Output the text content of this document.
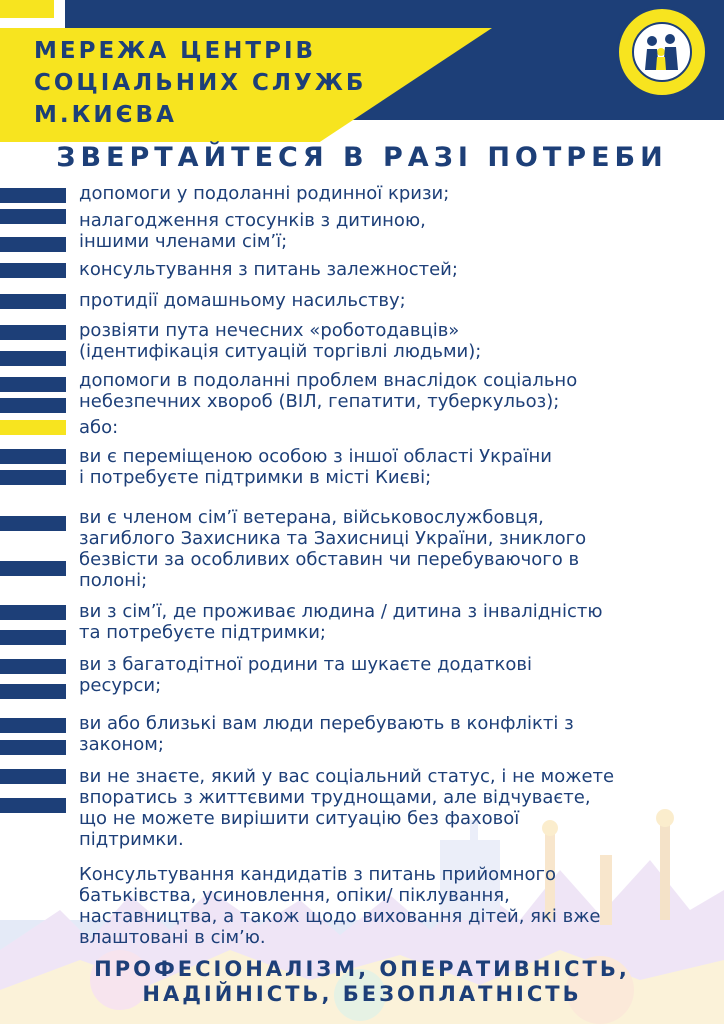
МЕРЕЖА ЦЕНТРІВ
СОЦІАЛЬНИХ СЛУЖБ
М.КИЄВА
ЗВЕРТАЙТЕСЯ В РАЗІ ПОТРЕБИ

допомоги у подоланні родинної кризи;

налагодження стосунків з дитиною,
іншими членами сім’ї;

консультування з питань залежностей;

протидії домашньому насильству;

розвіяти пута нечесних «роботодавців»
(ідентифікація ситуацій торгівлі людьми);

допомоги в подоланні проблем внаслідок соціально
небезпечних хвороб (ВІЛ, гепатити, туберкульоз);

або:

ви є переміщеною особою з іншої області України
і потребуєте підтримки в місті Києві;

ви є членом сім’ї ветерана, військовослужбовця,
загиблого Захисника та Захисниці України, зниклого
безвісти за особливих обставин чи перебуваючого в
полоні;

ви з сім’ї, де проживає людина / дитина з інвалідністю
та потребуєте підтримки;

ви з багатодітної родини та шукаєте додаткові
ресурси;

ви або близькі вам люди перебувають в конфлікті з
законом;

ви не знаєте, який у вас соціальний статус, і не можете
впоратись з життєвими труднощами, але відчуваєте,
що не можете вирішити ситуацію без фахової
підтримки.

Консультування кандидатів з питань прийомного
батьківства, усиновлення, опіки/ піклування,
наставництва, а також щодо виховання дітей, які вже
влаштовані в сім’ю.

ПРОФЕСІОНАЛІЗМ, ОПЕРАТИВНІСТЬ,
НАДІЙНІСТЬ, БЕЗОПЛАТНІСТЬ
